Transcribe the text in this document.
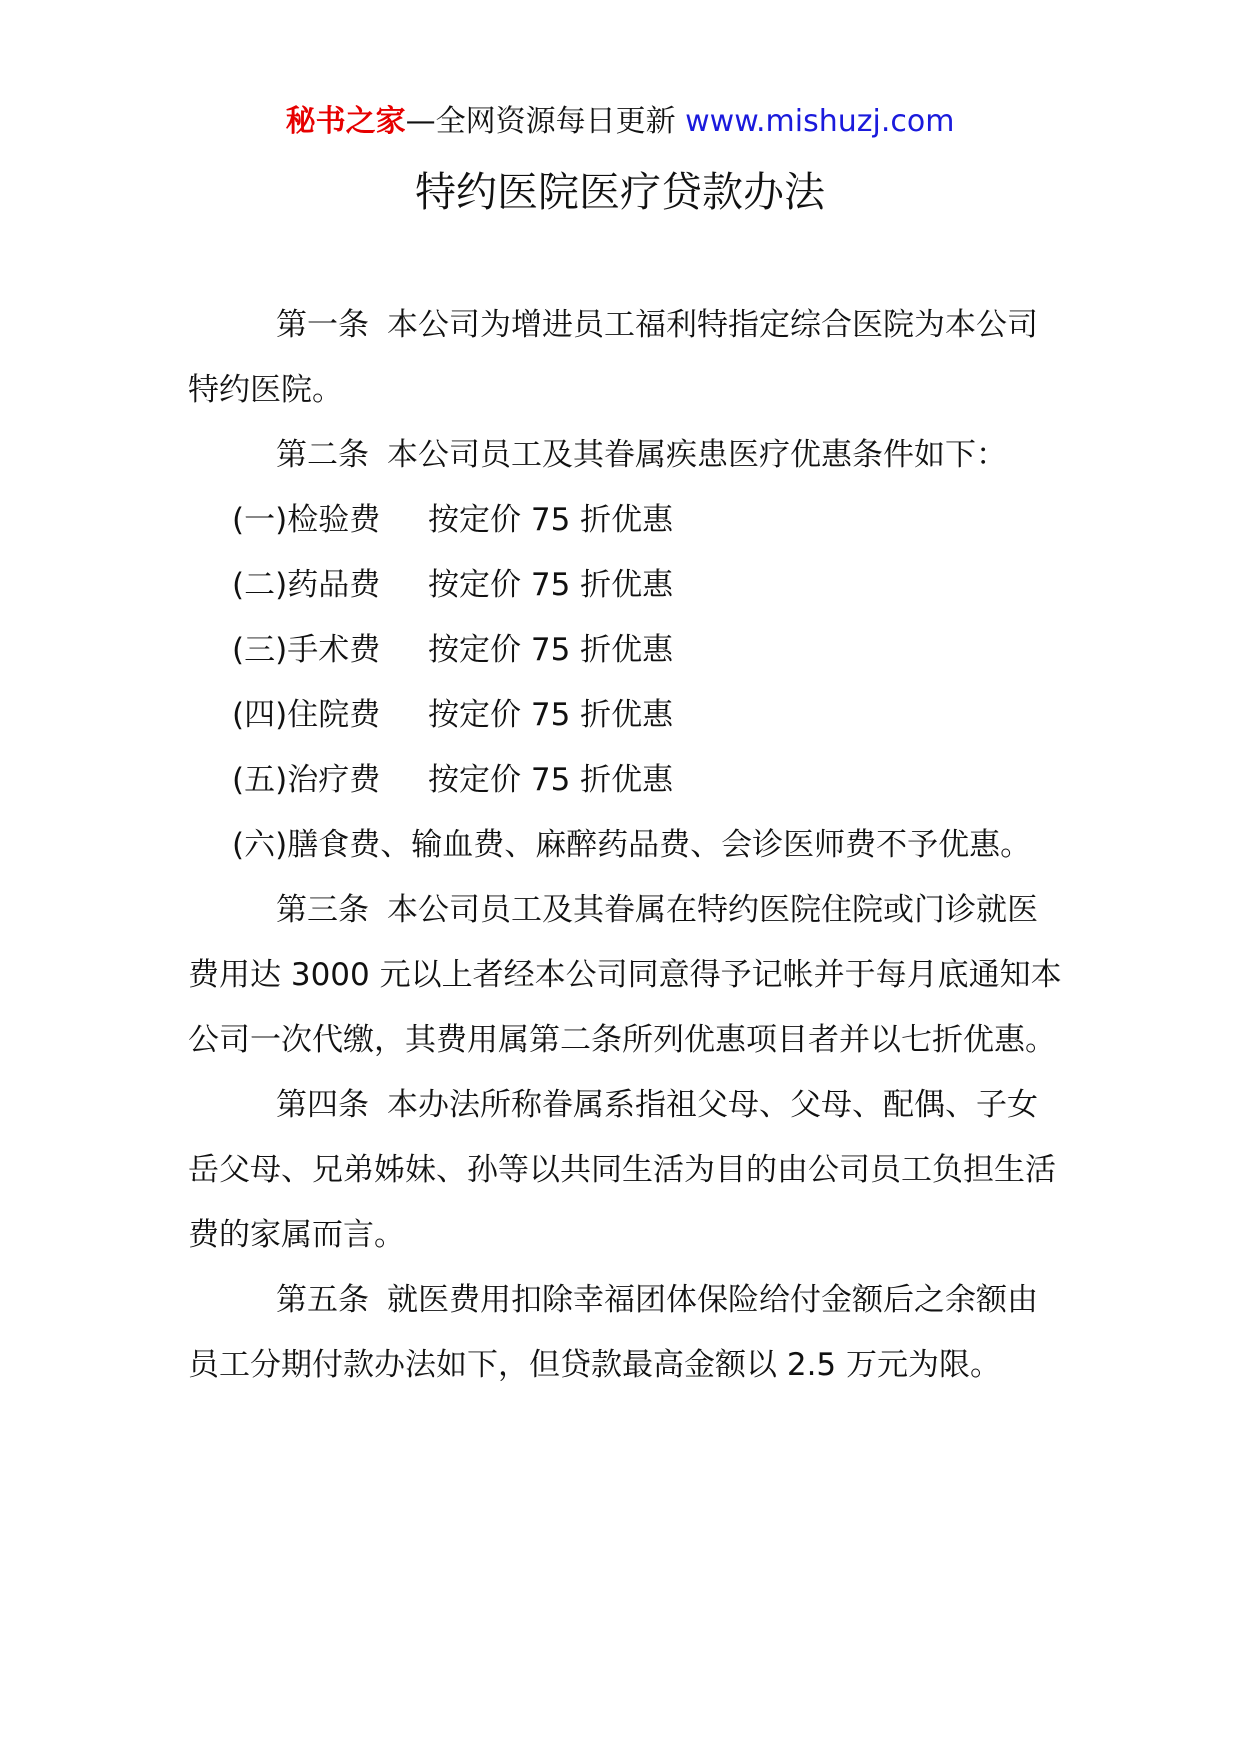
秘书之家—全网资源每日更新 www.mishuzj.com
特约医院医疗贷款办法

第一条 本公司为增进员工福利特指定综合医院为本公司特约医院。

第二条 本公司员工及其眷属疾患医疗优惠条件如下：

(一)检验费 按定价 75 折优惠

(二)药品费 按定价 75 折优惠

(三)手术费 按定价 75 折优惠

(四)住院费 按定价 75 折优惠

(五)治疗费 按定价 75 折优惠

(六)膳食费、输血费、麻醉药品费、会诊医师费不予优惠。

第三条 本公司员工及其眷属在特约医院住院或门诊就医费用达 3000 元以上者经本公司同意得予记帐并于每月底通知本公司一次代缴，其费用属第二条所列优惠项目者并以七折优惠。

第四条 本办法所称眷属系指祖父母、父母、配偶、子女岳父母、兄弟姊妹、孙等以共同生活为目的由公司员工负担生活费的家属而言。

第五条 就医费用扣除幸福团体保险给付金额后之余额由员工分期付款办法如下，但贷款最高金额以 2.5 万元为限。
